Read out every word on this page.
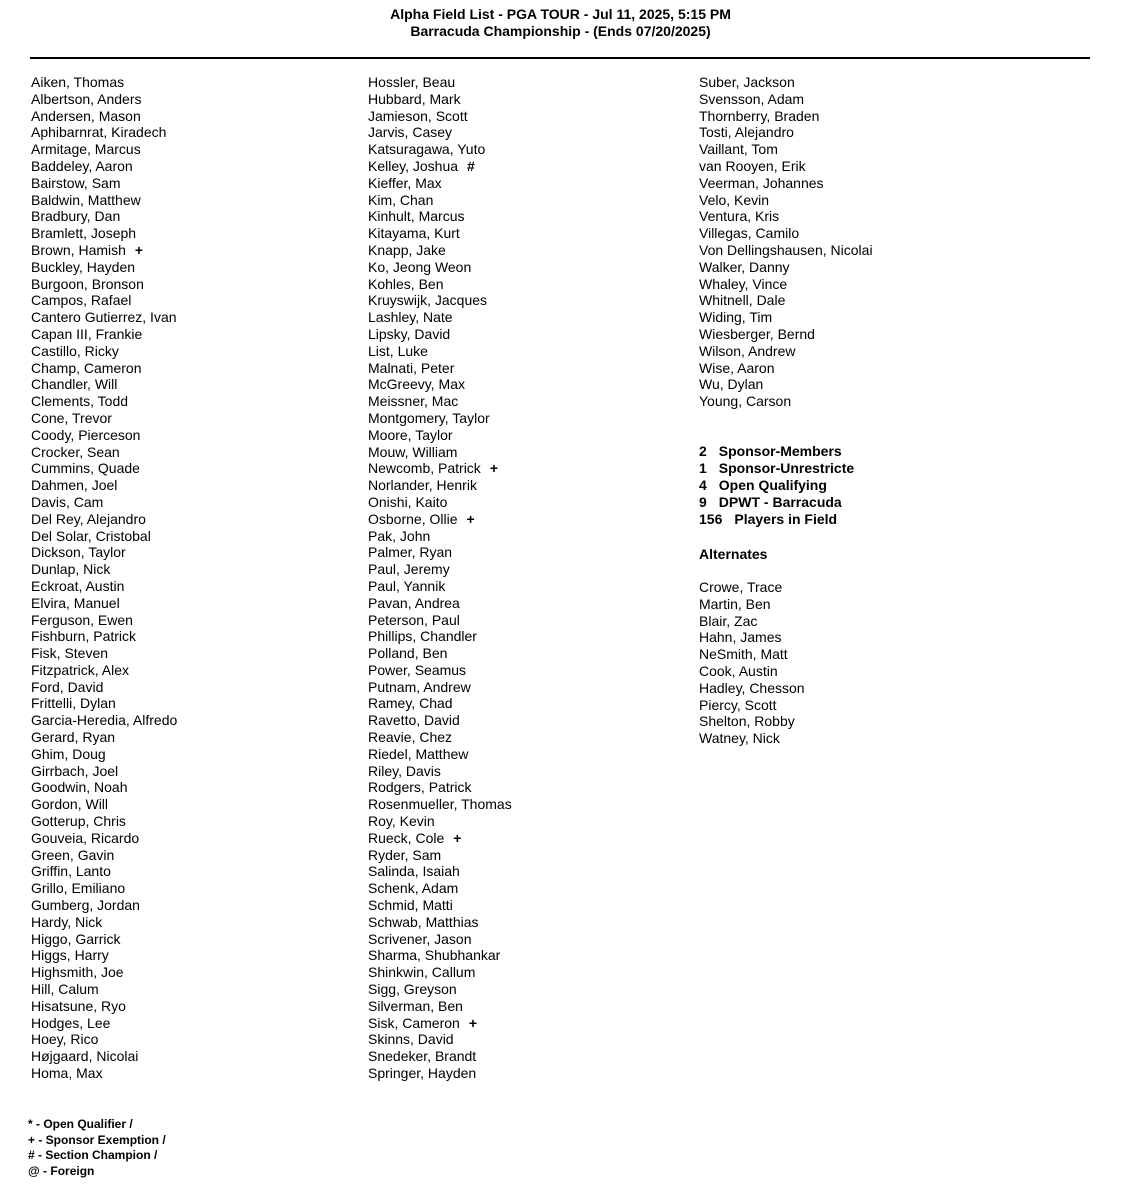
Alpha Field List - PGA TOUR - Jul 11, 2025, 5:15 PM
Barracuda Championship - (Ends 07/20/2025)
Aiken, Thomas
Albertson, Anders
Andersen, Mason
Aphibarnrat, Kiradech
Armitage, Marcus
Baddeley, Aaron
Bairstow, Sam
Baldwin, Matthew
Bradbury, Dan
Bramlett, Joseph
Brown, Hamish +
Buckley, Hayden
Burgoon, Bronson
Campos, Rafael
Cantero Gutierrez, Ivan
Capan III, Frankie
Castillo, Ricky
Champ, Cameron
Chandler, Will
Clements, Todd
Cone, Trevor
Coody, Pierceson
Crocker, Sean
Cummins, Quade
Dahmen, Joel
Davis, Cam
Del Rey, Alejandro
Del Solar, Cristobal
Dickson, Taylor
Dunlap, Nick
Eckroat, Austin
Elvira, Manuel
Ferguson, Ewen
Fishburn, Patrick
Fisk, Steven
Fitzpatrick, Alex
Ford, David
Frittelli, Dylan
Garcia-Heredia, Alfredo
Gerard, Ryan
Ghim, Doug
Girrbach, Joel
Goodwin, Noah
Gordon, Will
Gotterup, Chris
Gouveia, Ricardo
Green, Gavin
Griffin, Lanto
Grillo, Emiliano
Gumberg, Jordan
Hardy, Nick
Higgo, Garrick
Higgs, Harry
Highsmith, Joe
Hill, Calum
Hisatsune, Ryo
Hodges, Lee
Hoey, Rico
Højgaard, Nicolai
Homa, Max
Hossler, Beau
Hubbard, Mark
Jamieson, Scott
Jarvis, Casey
Katsuragawa, Yuto
Kelley, Joshua #
Kieffer, Max
Kim, Chan
Kinhult, Marcus
Kitayama, Kurt
Knapp, Jake
Ko, Jeong Weon
Kohles, Ben
Kruyswijk, Jacques
Lashley, Nate
Lipsky, David
List, Luke
Malnati, Peter
McGreevy, Max
Meissner, Mac
Montgomery, Taylor
Moore, Taylor
Mouw, William
Newcomb, Patrick +
Norlander, Henrik
Onishi, Kaito
Osborne, Ollie +
Pak, John
Palmer, Ryan
Paul, Jeremy
Paul, Yannik
Pavan, Andrea
Peterson, Paul
Phillips, Chandler
Polland, Ben
Power, Seamus
Putnam, Andrew
Ramey, Chad
Ravetto, David
Reavie, Chez
Riedel, Matthew
Riley, Davis
Rodgers, Patrick
Rosenmueller, Thomas
Roy, Kevin
Rueck, Cole +
Ryder, Sam
Salinda, Isaiah
Schenk, Adam
Schmid, Matti
Schwab, Matthias
Scrivener, Jason
Sharma, Shubhankar
Shinkwin, Callum
Sigg, Greyson
Silverman, Ben
Sisk, Cameron +
Skinns, David
Snedeker, Brandt
Springer, Hayden
Suber, Jackson
Svensson, Adam
Thornberry, Braden
Tosti, Alejandro
Vaillant, Tom
van Rooyen, Erik
Veerman, Johannes
Velo, Kevin
Ventura, Kris
Villegas, Camilo
Von Dellingshausen, Nicolai
Walker, Danny
Whaley, Vince
Whitnell, Dale
Widing, Tim
Wiesberger, Bernd
Wilson, Andrew
Wise, Aaron
Wu, Dylan
Young, Carson
2 Sponsor-Members
1 Sponsor-Unrestricte
4 Open Qualifying
9 DPWT - Barracuda
156 Players in Field
Alternates
Crowe, Trace
Martin, Ben
Blair, Zac
Hahn, James
NeSmith, Matt
Cook, Austin
Hadley, Chesson
Piercy, Scott
Shelton, Robby
Watney, Nick
* - Open Qualifier /
+ - Sponsor Exemption /
# - Section Champion /
@ - Foreign
